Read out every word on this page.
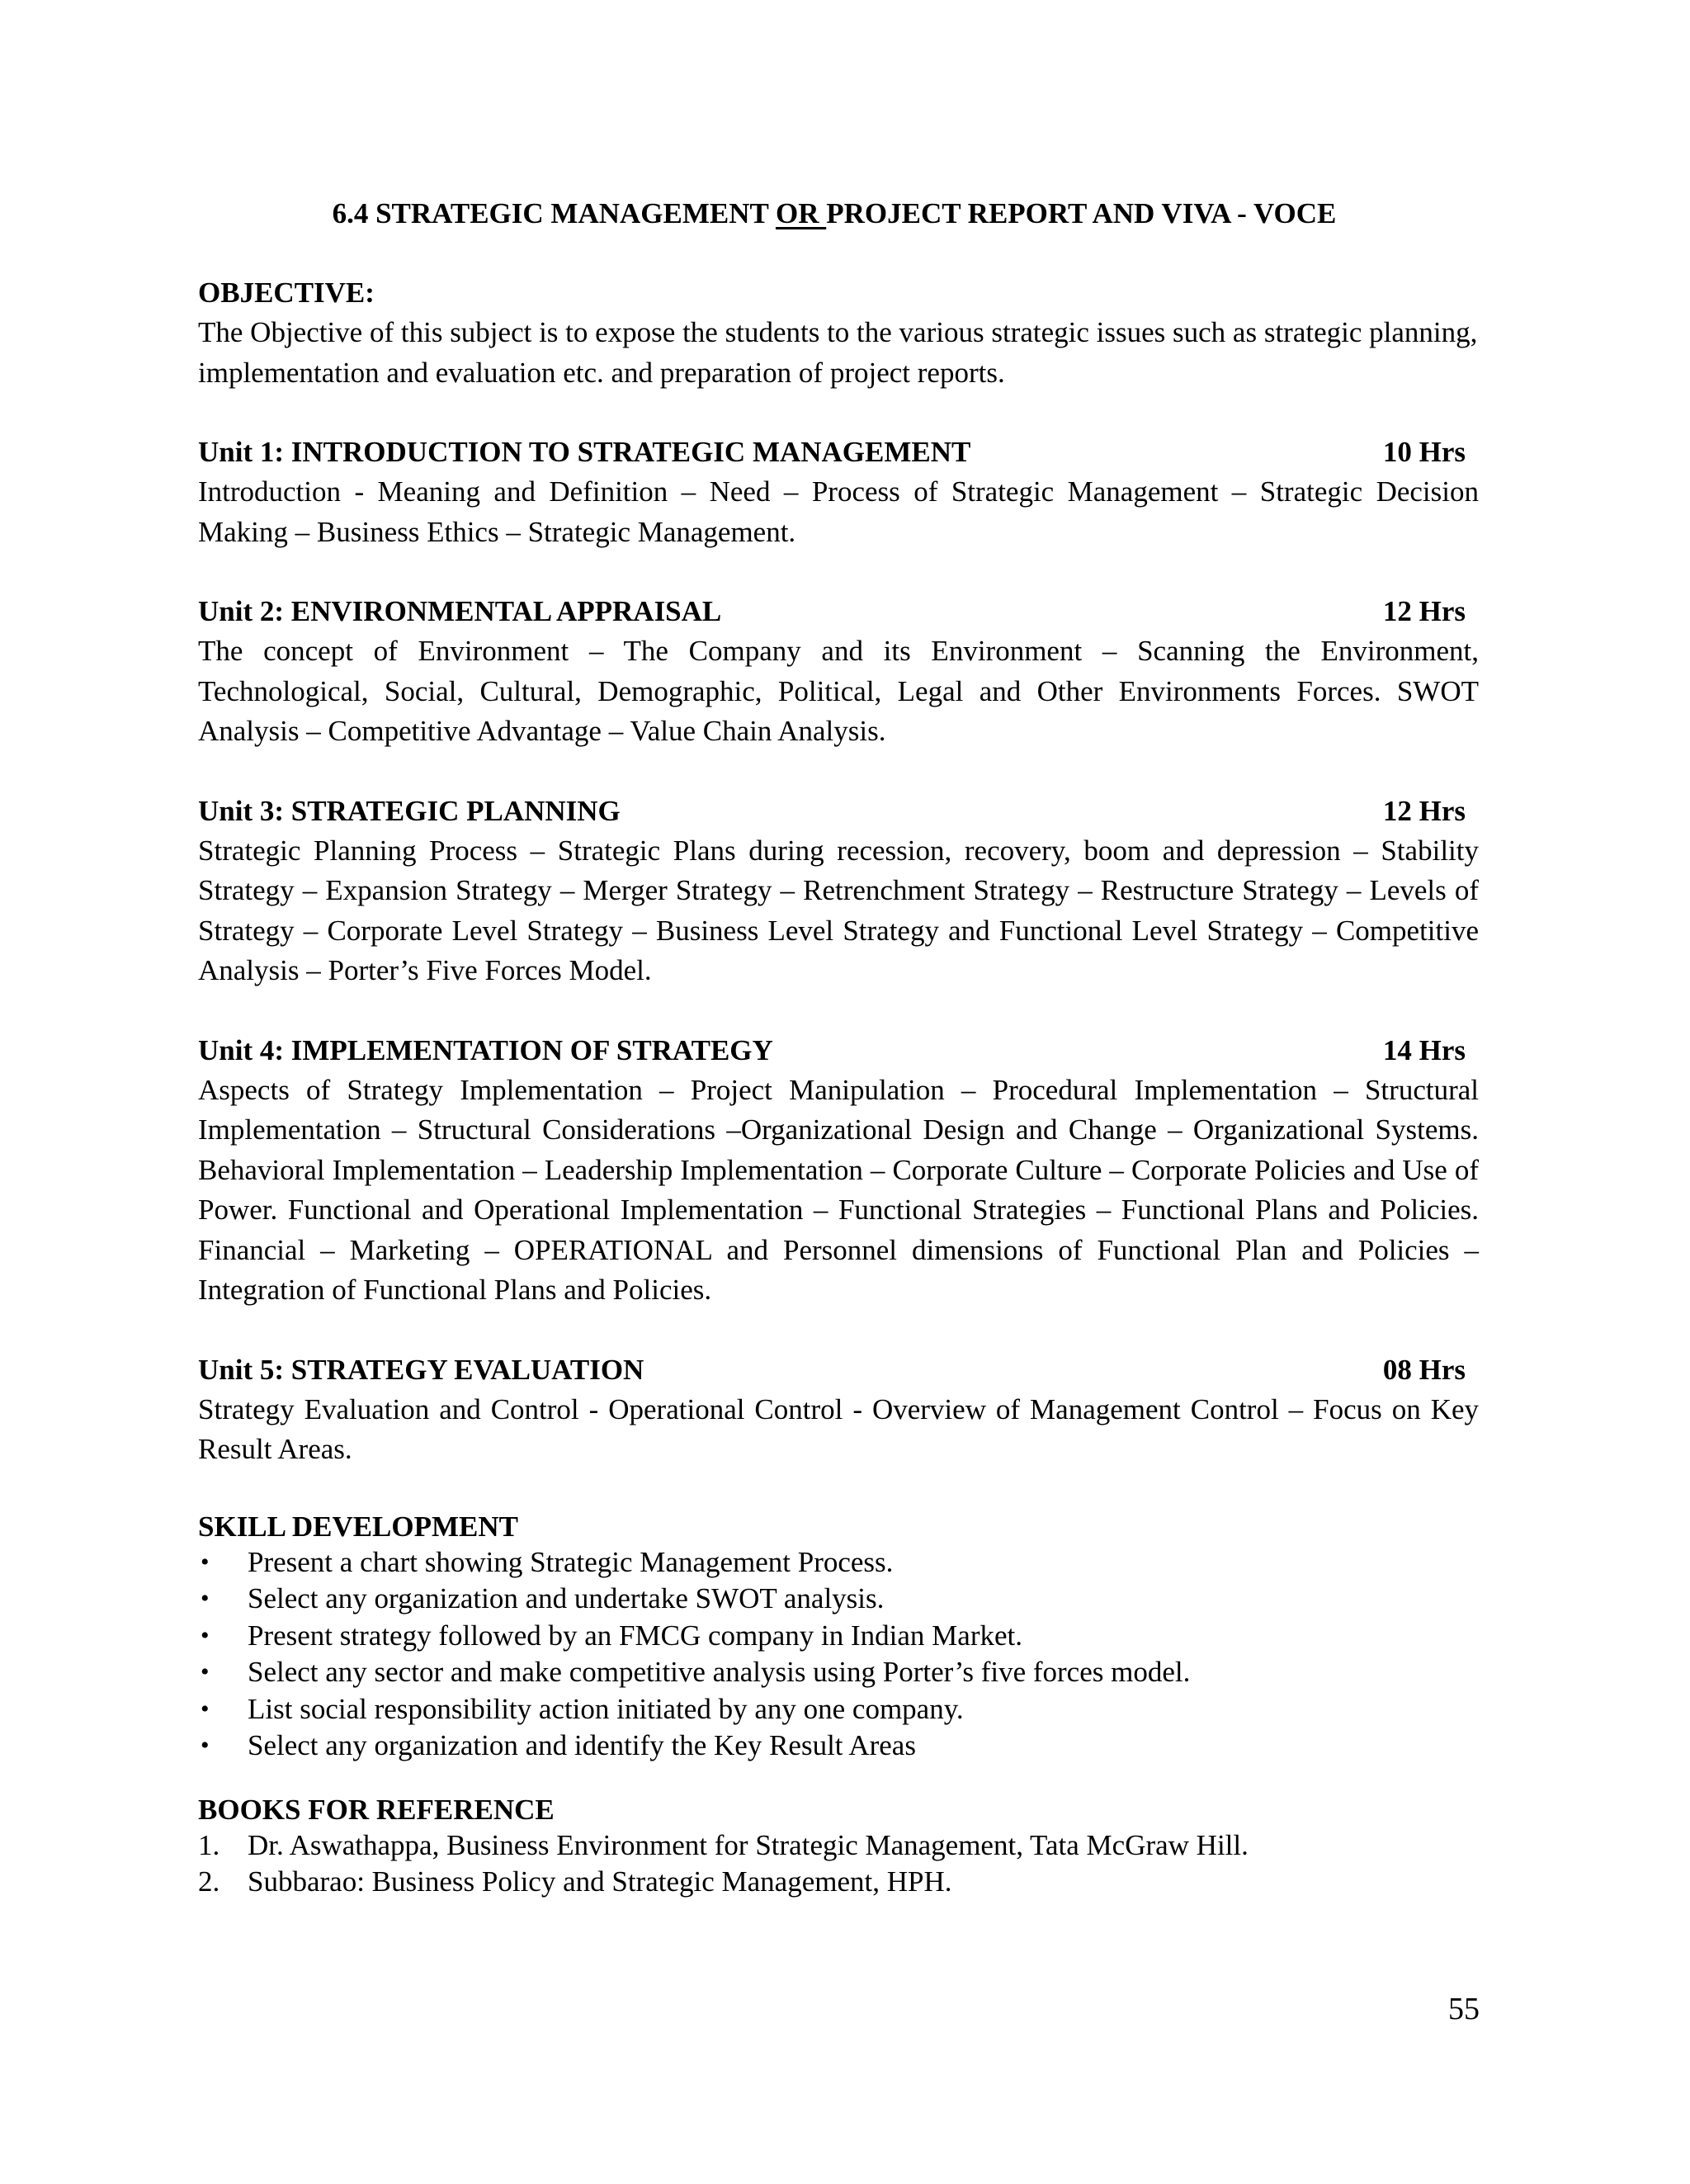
6.4 STRATEGIC MANAGEMENT OR PROJECT REPORT AND VIVA - VOCE

OBJECTIVE:

The Objective of this subject is to expose the students to the various strategic issues such as strategic planning, implementation and evaluation etc. and preparation of project reports.

Unit 1: INTRODUCTION TO STRATEGIC MANAGEMENT	10 Hrs

Introduction - Meaning and Definition – Need – Process of Strategic Management – Strategic Decision Making – Business Ethics – Strategic Management.

Unit 2: ENVIRONMENTAL APPRAISAL	12 Hrs

The concept of Environment – The Company and its Environment – Scanning the Environment, Technological, Social, Cultural, Demographic, Political, Legal and Other Environments Forces. SWOT Analysis – Competitive Advantage – Value Chain Analysis.

Unit 3: STRATEGIC PLANNING	12 Hrs

Strategic Planning Process – Strategic Plans during recession, recovery, boom and depression – Stability Strategy – Expansion Strategy – Merger Strategy – Retrenchment Strategy – Restructure Strategy – Levels of Strategy – Corporate Level Strategy – Business Level Strategy and Functional Level Strategy – Competitive Analysis – Porter’s Five Forces Model.

Unit 4: IMPLEMENTATION OF STRATEGY	14 Hrs

Aspects of Strategy Implementation – Project Manipulation – Procedural Implementation – Structural Implementation – Structural Considerations –Organizational Design and Change – Organizational Systems. Behavioral Implementation – Leadership Implementation – Corporate Culture – Corporate Policies and Use of Power. Functional and Operational Implementation – Functional Strategies – Functional Plans and Policies. Financial – Marketing – OPERATIONAL and Personnel dimensions of Functional Plan and Policies – Integration of Functional Plans and Policies.

Unit 5: STRATEGY EVALUATION	08 Hrs

Strategy Evaluation and Control - Operational Control - Overview of Management Control – Focus on Key Result Areas.

SKILL DEVELOPMENT

• Present a chart showing Strategic Management Process.
• Select any organization and undertake SWOT analysis.
• Present strategy followed by an FMCG company in Indian Market.
• Select any sector and make competitive analysis using Porter’s five forces model.
• List social responsibility action initiated by any one company.
• Select any organization and identify the Key Result Areas

BOOKS FOR REFERENCE

1. Dr. Aswathappa, Business Environment for Strategic Management, Tata McGraw Hill.
2. Subbarao: Business Policy and Strategic Management, HPH.
55
